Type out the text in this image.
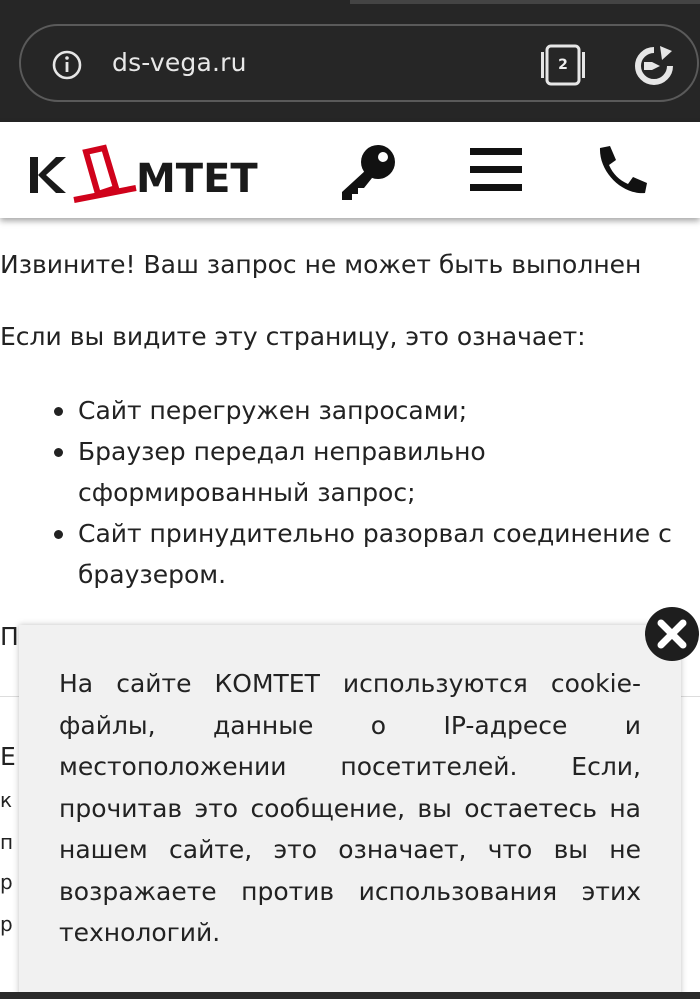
ds-vega.ru	2
МТЕТ
Извините! Ваш запрос не может быть выполнен
Если вы видите эту страницу, это означает:
Сайт перегружен запросами;
Браузер передал неправильно сформированный запрос;
Сайт принудительно разорвал соединение с браузером.
П
Е
к
п
р
р
На сайте КОМТЕТ используются cookie-файлы, данные о IP-адресе и местоположении посетителей. Если, прочитав это сообщение, вы остаетесь на нашем сайте, это означает, что вы не возражаете против использования этих технологий.
